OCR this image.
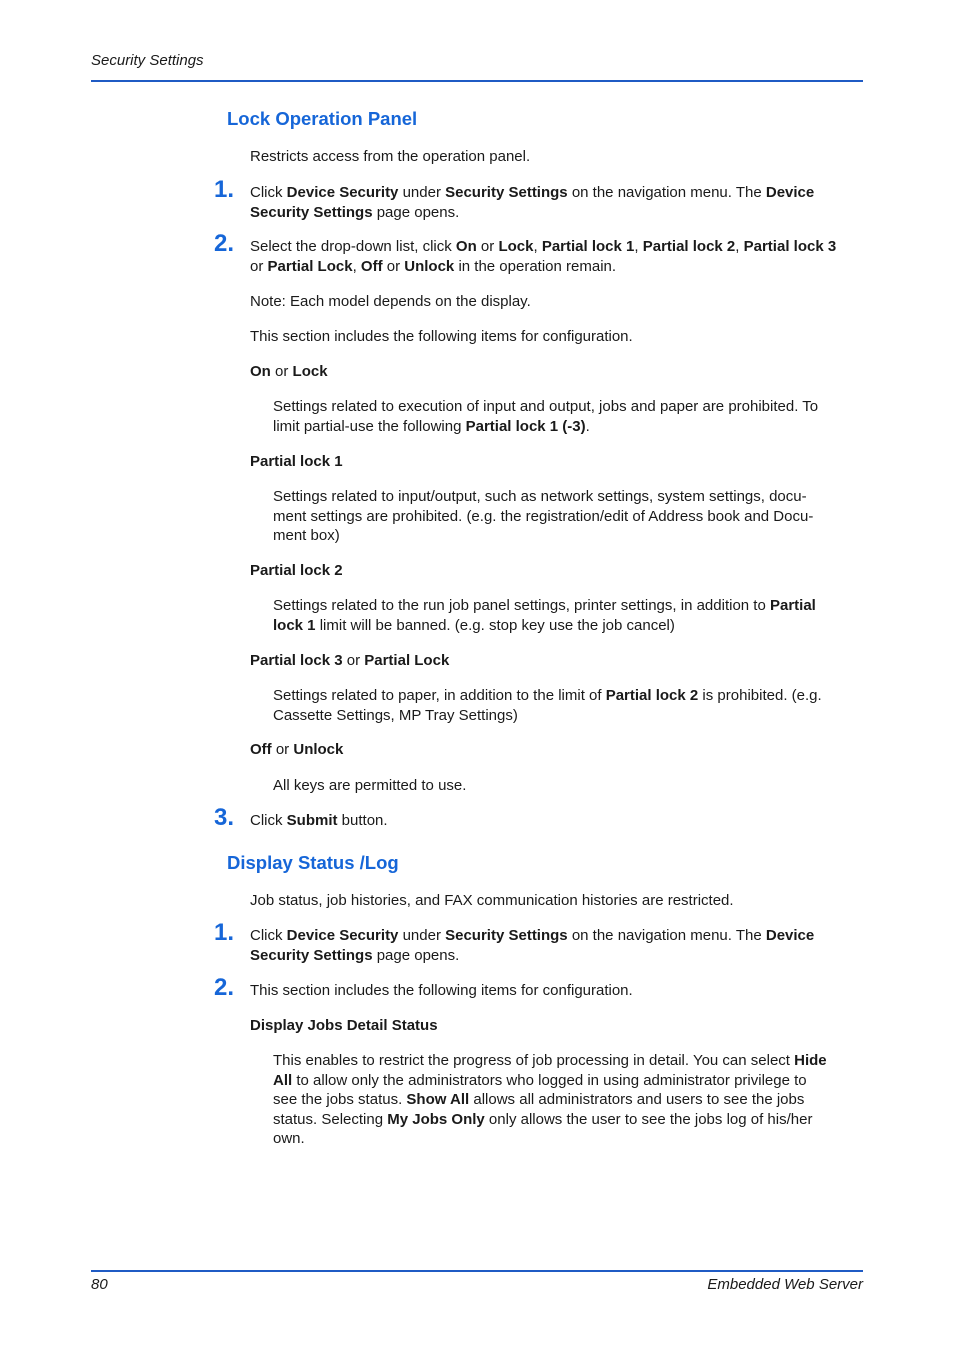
Security Settings
Lock Operation Panel
Restricts access from the operation panel.
1. Click Device Security under Security Settings on the navigation menu. The Device
Security Settings page opens.
2. Select the drop-down list, click On or Lock, Partial lock 1, Partial lock 2, Partial lock 3
or Partial Lock, Off or Unlock in the operation remain.
Note: Each model depends on the display.
This section includes the following items for configuration.
On or Lock
Settings related to execution of input and output, jobs and paper are prohibited. To
limit partial-use the following Partial lock 1 (-3).
Partial lock 1
Settings related to input/output, such as network settings, system settings, docu-
ment settings are prohibited. (e.g. the registration/edit of Address book and Docu-
ment box)
Partial lock 2
Settings related to the run job panel settings, printer settings, in addition to Partial
lock 1 limit will be banned. (e.g. stop key use the job cancel)
Partial lock 3 or Partial Lock
Settings related to paper, in addition to the limit of Partial lock 2 is prohibited. (e.g.
Cassette Settings, MP Tray Settings)
Off or Unlock
All keys are permitted to use.
3. Click Submit button.
Display Status /Log
Job status, job histories, and FAX communication histories are restricted.
1. Click Device Security under Security Settings on the navigation menu. The Device
Security Settings page opens.
2. This section includes the following items for configuration.
Display Jobs Detail Status
This enables to restrict the progress of job processing in detail. You can select Hide
All to allow only the administrators who logged in using administrator privilege to
see the jobs status. Show All allows all administrators and users to see the jobs
status. Selecting My Jobs Only only allows the user to see the jobs log of his/her
own.
80	Embedded Web Server
